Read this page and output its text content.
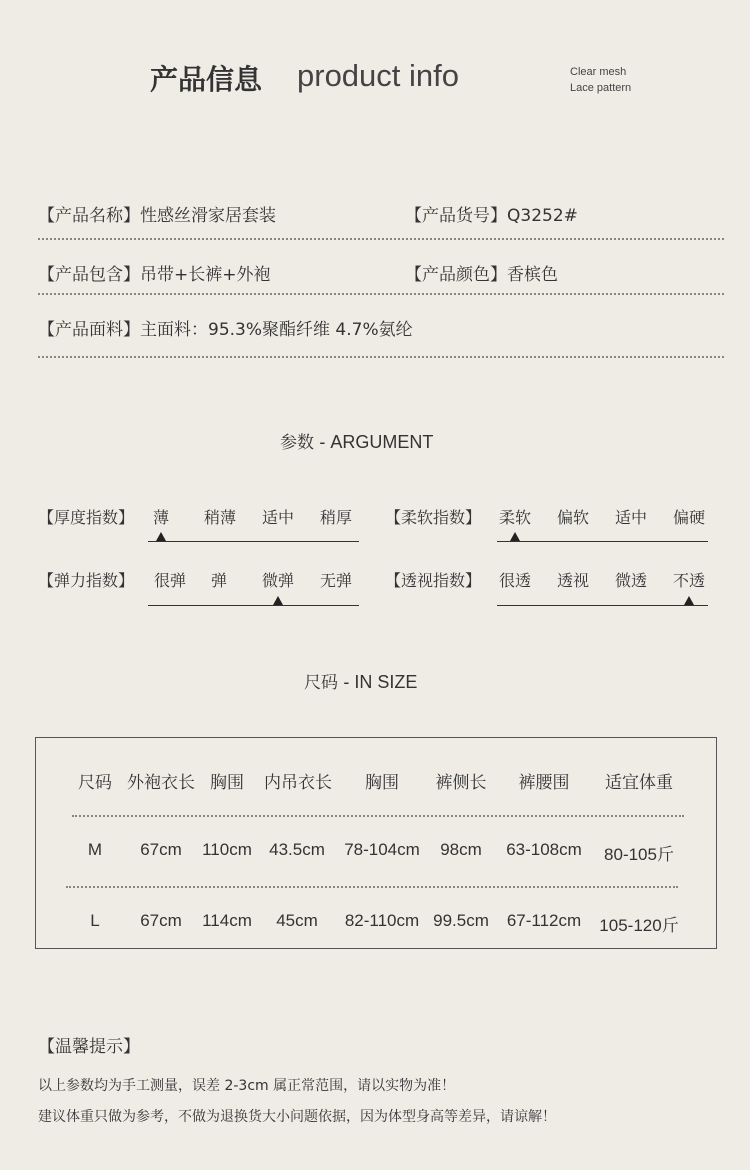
产品信息 product info	Clear mesh
Lace pattern
【产品名称】性感丝滑家居套装	【产品货号】Q3252#
【产品包含】吊带+长裤+外袍	【产品颜色】香槟色
【产品面料】主面料：95.3%聚酯纤维 4.7%氨纶
参数 - ARGUMENT
【厚度指数】 薄 稍薄 适中 稍厚 【柔软指数】 柔软 偏软 适中 偏硬
【弹力指数】 很弹 弹 微弹 无弹 【透视指数】 很透 透视 微透 不透
尺码 - IN SIZE
尺码 外袍衣长 胸围 内吊衣长 胸围 裤侧长 裤腰围 适宜体重
M 67cm 110cm 43.5cm 78-104cm 98cm 63-108cm 80-105斤
L 67cm 114cm 45cm 82-110cm 99.5cm 67-112cm 105-120斤
【温馨提示】
以上参数均为手工测量，误差 2-3cm 属正常范围，请以实物为准！
建议体重只做为参考，不做为退换货大小问题依据，因为体型身高等差异，请谅解！
